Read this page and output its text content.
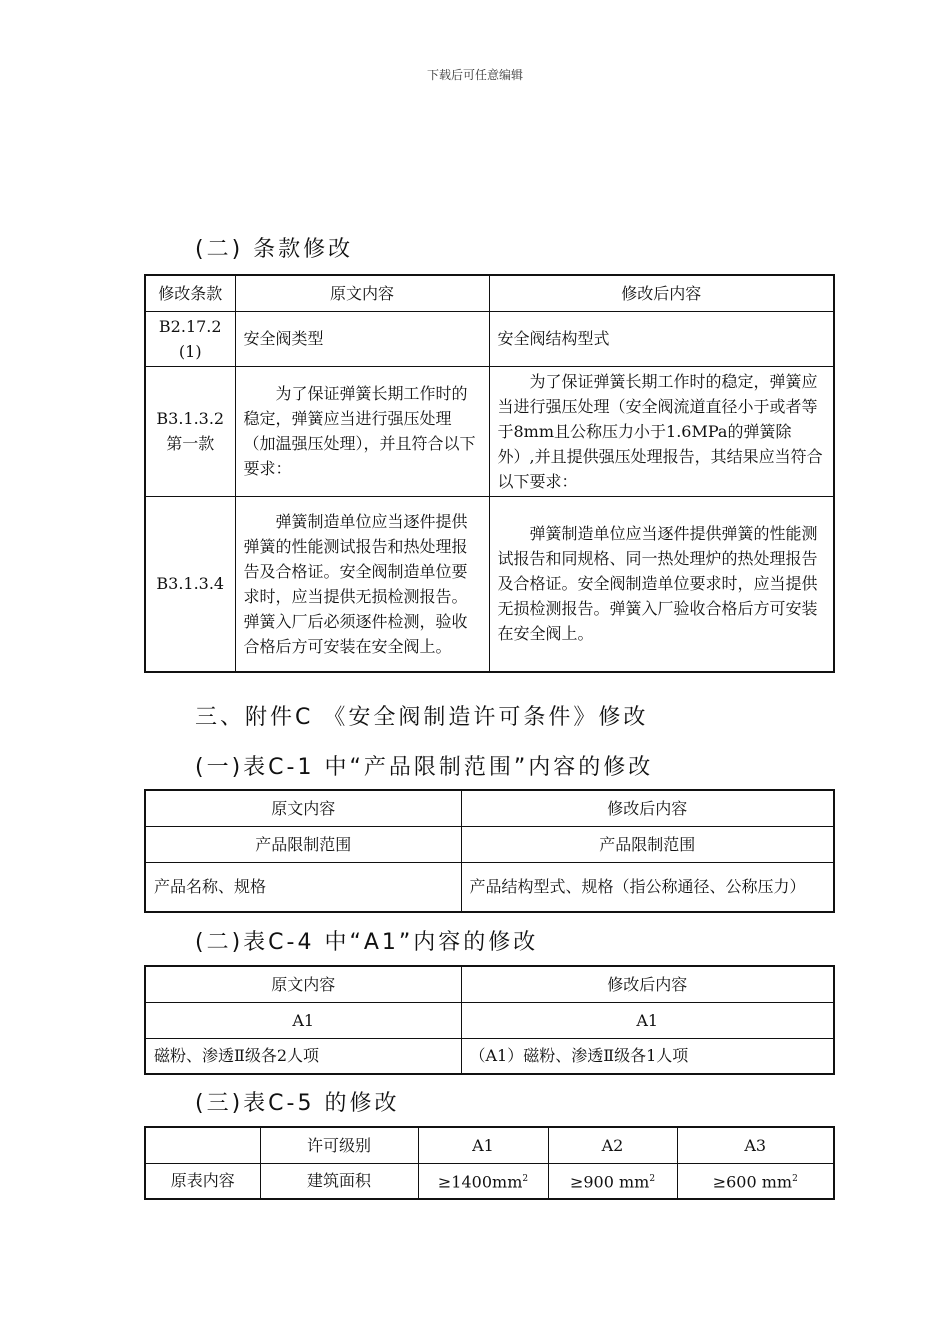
下载后可任意编辑
(二) 条款修改
修改条款	原文内容	修改后内容
B2.17.2
(1)	安全阀类型	安全阀结构型式
B3.1.3.2
第一款	为了保证弹簧长期工作时的稳定，弹簧应当进行强压处理（加温强压处理），并且符合以下要求：	为了保证弹簧长期工作时的稳定，弹簧应当进行强压处理（安全阀流道直径小于或者等于8mm且公称压力小于1.6MPa的弹簧除外）,并且提供强压处理报告，其结果应当符合以下要求：
B3.1.3.4	弹簧制造单位应当逐件提供弹簧的性能测试报告和热处理报告及合格证。安全阀制造单位要求时，应当提供无损检测报告。弹簧入厂后必须逐件检测，验收合格后方可安装在安全阀上。	弹簧制造单位应当逐件提供弹簧的性能测试报告和同规格、同一热处理炉的热处理报告及合格证。安全阀制造单位要求时，应当提供无损检测报告。弹簧入厂验收合格后方可安装在安全阀上。
三、附件C 《安全阀制造许可条件》修改
(一)表C-1 中“产品限制范围”内容的修改
原文内容	修改后内容
产品限制范围	产品限制范围
产品名称、规格	产品结构型式、规格（指公称通径、公称压力）
(二)表C-4 中“A1”内容的修改
原文内容	修改后内容
A1	A1
磁粉、渗透Ⅱ级各2人项	（A1）磁粉、渗透Ⅱ级各1人项
(三)表C-5 的修改
	许可级别	A1	A2	A3
原表内容	建筑面积	$\ge 1400mm^2$	≥900 $mm^2$	≥600 $mm^2$
